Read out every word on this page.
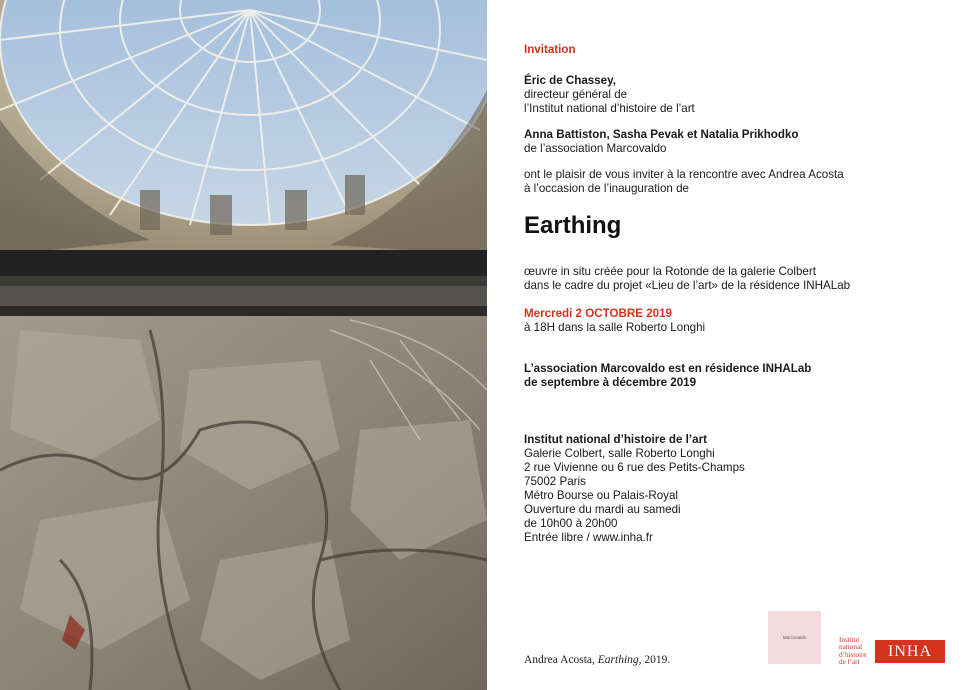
Andrea Acosta, Earthing, 2019.
Invitation
Éric de Chassey,
directeur général de
l’Institut national d’histoire de l’art
Anna Battiston, Sasha Pevak et Natalia Prikhodko
de l’association Marcovaldo
ont le plaisir de vous inviter à la rencontre avec Andrea Acosta
à l’occasion de l’inauguration de
Earthing
œuvre in situ créée pour la Rotonde de la galerie Colbert
dans le cadre du projet «Lieu de l’art» de la résidence INHALab
Mercredi 2 OCTOBRE 2019
à 18H dans la salle Roberto Longhi
L’association Marcovaldo est en résidence INHALab
de septembre à décembre 2019
Institut national d’histoire de l’art
Galerie Colbert, salle Roberto Longhi
2 rue Vivienne ou 6 rue des Petits-Champs
75002 Paris
Métro Bourse ou Palais-Royal
Ouverture du mardi au samedi
de 10h00 à 20h00
Entrée libre / www.inha.fr
Marcovaldo	Institut
national
d’histoire
de l’art
INHA
